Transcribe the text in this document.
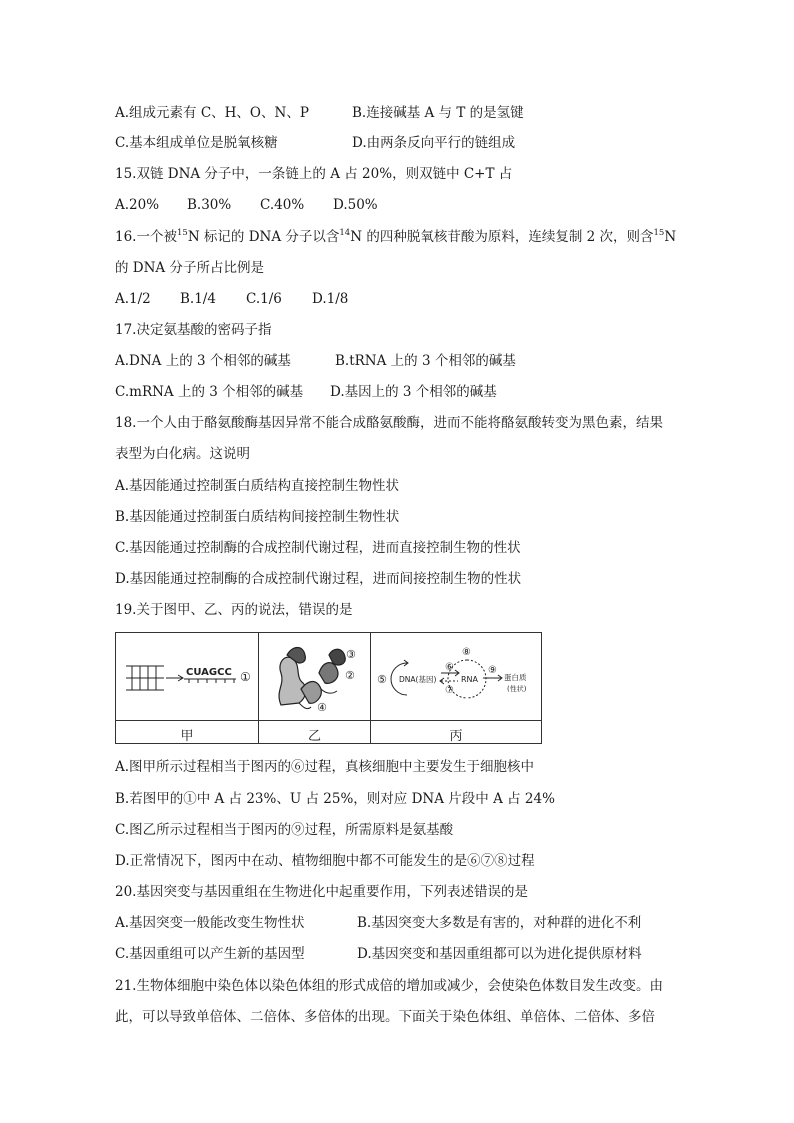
A.组成元素有 C、H、O、N、P	B.连接碱基 A 与 T 的是氢键
C.基本组成单位是脱氧核糖	D.由两条反向平行的链组成
15.双链 DNA 分子中，一条链上的 A 占 20%，则双链中 C+T 占
A.20% B.30% C.40% D.50%
16.一个被$^{15}$N 标记的 DNA 分子以含$^{14}$N 的四种脱氧核苷酸为原料，连续复制 2 次，则含$^{15}$N
的 DNA 分子所占比例是
A.1/2 B.1/4 C.1/6 D.1/8
17.决定氨基酸的密码子指
A.DNA 上的 3 个相邻的碱基	B.tRNA 上的 3 个相邻的碱基
C.mRNA 上的 3 个相邻的碱基 D.基因上的 3 个相邻的碱基
18.一个人由于酪氨酸酶基因异常不能合成酪氨酸酶，进而不能将酪氨酸转变为黑色素，结果
表型为白化病。这说明
A.基因能通过控制蛋白质结构直接控制生物性状
B.基因能通过控制蛋白质结构间接控制生物性状
C.基因能通过控制酶的合成控制代谢过程，进而直接控制生物的性状
D.基因能通过控制酶的合成控制代谢过程，进而间接控制生物的性状
19.关于图甲、乙、丙的说法，错误的是
CUAGCC ①
③
②
④
⑤ DNA(基因)
⑥
⑦
⑧
RNA
⑨
蛋白质
(性状)
甲	乙	丙
A.图甲所示过程相当于图丙的⑥过程，真核细胞中主要发生于细胞核中
B.若图甲的①中 A 占 23%、U 占 25%，则对应 DNA 片段中 A 占 24%
C.图乙所示过程相当于图丙的⑨过程，所需原料是氨基酸
D.正常情况下，图丙中在动、植物细胞中都不可能发生的是⑥⑦⑧过程
20.基因突变与基因重组在生物进化中起重要作用，下列表述错误的是
A.基因突变一般能改变生物性状	B.基因突变大多数是有害的，对种群的进化不利
C.基因重组可以产生新的基因型	D.基因突变和基因重组都可以为进化提供原材料
21.生物体细胞中染色体以染色体组的形式成倍的增加或减少，会使染色体数目发生改变。由
此，可以导致单倍体、二倍体、多倍体的出现。下面关于染色体组、单倍体、二倍体、多倍
